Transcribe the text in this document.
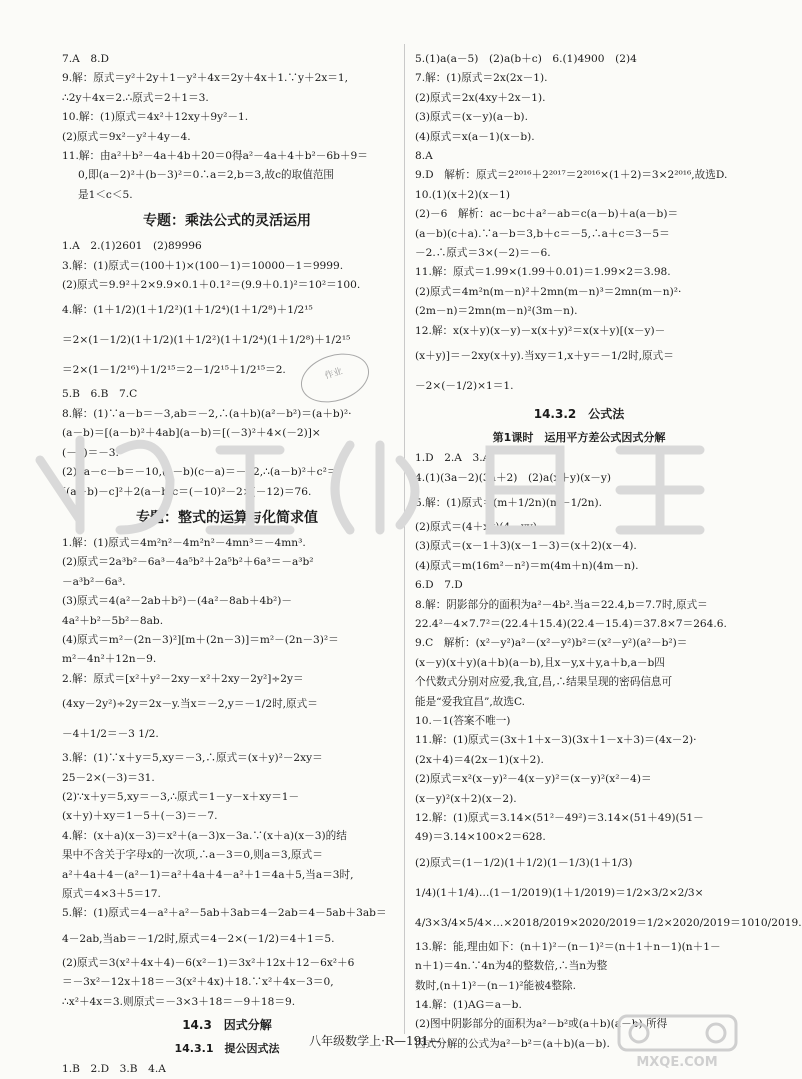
7.A　8.D
9.解：原式＝y²＋2y＋1－y²＋4x＝2y＋4x＋1.∵y＋2x＝1,
∴2y＋4x＝2.∴原式＝2＋1＝3.
10.解：(1)原式＝4x²＋12xy＋9y²－1.
(2)原式＝9x²－y²＋4y－4.
11.解：由a²＋b²－4a＋4b＋20＝0得a²－4a＋4＋b²－6b＋9＝
0,即(a－2)²＋(b－3)²＝0∴a＝2,b＝3,故c的取值范围
是1＜c＜5.
专题：乘法公式的灵活运用
1.A　2.(1)2601　(2)89996
3.解：(1)原式＝(100＋1)×(100－1)＝10000－1＝9999.
(2)原式＝9.9²＋2×9.9×0.1＋0.1²＝(9.9＋0.1)²＝10²＝100.
4.解：(1＋1/2)(1＋1/2²)(1＋1/2⁴)(1＋1/2⁸)＋1/2¹⁵
＝2×(1－1/2)(1＋1/2)(1＋1/2²)(1＋1/2⁴)(1＋1/2⁸)＋1/2¹⁵
＝2×(1－1/2¹⁶)＋1/2¹⁵＝2－1/2¹⁵＋1/2¹⁵＝2.
5.B　6.B　7.C
8.解：(1)∵a－b＝－3,ab＝－2,∴(a＋b)(a²－b²)＝(a＋b)²·
(a－b)＝[(a－b)²＋4ab](a－b)＝[(－3)²＋4×(－2)]×
(－3)＝－3.
(2)∵a－c－b＝－10,(a－b)(c－a)＝－12,∴(a－b)²＋c²＝
[(a－b)－c]²＋2(a－b)c＝(－10)²－2×(－12)＝76.
专题：整式的运算与化简求值
1.解：(1)原式＝4m²n²－4m²n²－4mn³＝－4mn³.
(2)原式＝2a³b²－6a³－4a⁵b²＋2a⁵b²＋6a³＝－a³b²
－a³b²－6a³.
(3)原式＝4(a²－2ab＋b²)－(4a²－8ab＋4b²)－
4a²＋b²－5b²－8ab.
(4)原式＝m²－(2n－3)²][m＋(2n－3)]＝m²－(2n－3)²＝
m²－4n²＋12n－9.
2.解：原式＝[x²＋y²－2xy－x²＋2xy－2y²]÷2y＝
(4xy－2y²)÷2y＝2x－y.当x＝－2,y＝－1/2时,原式＝
－4＋1/2＝－3 1/2.
3.解：(1)∵x＋y＝5,xy＝－3,∴原式＝(x＋y)²－2xy＝
25－2×(－3)＝31.
(2)∵x＋y＝5,xy＝－3,∴原式＝1－y－x＋xy＝1－
(x＋y)＋xy＝1－5＋(－3)＝－7.
4.解：(x＋a)(x－3)＝x²＋(a－3)x－3a.∵(x＋a)(x－3)的结
果中不含关于字母x的一次项,∴a－3＝0,则a＝3,原式＝
a²＋4a＋4－(a²－1)＝a²＋4a＋4－a²＋1＝4a＋5,当a＝3时,
原式＝4×3＋5＝17.
5.解：(1)原式＝4－a²＋a²－5ab＋3ab＝4－2ab＝4－5ab＋3ab＝
4－2ab,当ab＝－1/2时,原式＝4－2×(－1/2)＝4＋1＝5.
(2)原式＝3(x²＋4x＋4)－6(x²－1)＝3x²＋12x＋12－6x²＋6
＝－3x²－12x＋18＝－3(x²＋4x)＋18.∵x²＋4x－3＝0,
∴x²＋4x＝3.则原式＝－3×3＋18＝－9＋18＝9.
14.3　因式分解
14.3.1　提公因式法
1.B　2.D　3.B　4.A
5.(1)a(a－5)　(2)a(b＋c)　6.(1)4900　(2)4
7.解：(1)原式＝2x(2x－1).
(2)原式＝2x(4xy＋2x－1).
(3)原式＝(x－y)(a－b).
(4)原式＝x(a－1)(x－b).
8.A
9.D　解析：原式＝2²⁰¹⁶＋2²⁰¹⁷＝2²⁰¹⁶×(1＋2)＝3×2²⁰¹⁶,故选D.
10.(1)(x＋2)(x－1)
(2)－6　解析：ac－bc＋a²－ab＝c(a－b)＋a(a－b)＝
(a－b)(c＋a).∵a－b＝3,b＋c＝－5,∴a＋c＝3－5＝
－2.∴原式＝3×(－2)＝－6.
11.解：原式＝1.99×(1.99＋0.01)＝1.99×2＝3.98.
(2)原式＝4m²n(m－n)²＋2mn(m－n)³＝2mn(m－n)²·
(2m－n)＝2mn(m－n)²(3m－n).
12.解：x(x＋y)(x－y)－x(x＋y)²＝x(x＋y)[(x－y)－
(x＋y)]＝－2xy(x＋y).当xy＝1,x＋y＝－1/2时,原式＝
－2×(－1/2)×1＝1.
14.3.2　公式法
第1课时　运用平方差公式因式分解
1.D　2.A　3.A
4.(1)(3a－2)(3a＋2)　(2)a(x＋y)(x－y)
5.解：(1)原式＝(m＋1/2n)(m－1/2n).
(2)原式＝(4＋xy)(4－xy).
(3)原式＝(x－1＋3)(x－1－3)＝(x＋2)(x－4).
(4)原式＝m(16m²－n²)＝m(4m＋n)(4m－n).
6.D　7.D
8.解：阴影部分的面积为a²－4b².当a＝22.4,b＝7.7时,原式＝
22.4²－4×7.7²＝(22.4＋15.4)(22.4－15.4)＝37.8×7＝264.6.
9.C　解析：(x²－y²)a²－(x²－y²)b²＝(x²－y²)(a²－b²)＝
(x－y)(x＋y)(a＋b)(a－b),且x－y,x＋y,a＋b,a－b四
个代数式分别对应爱,我,宜,昌,∴结果呈现的密码信息可
能是“爱我宜昌”,故选C.
10.－1(答案不唯一)
11.解：(1)原式＝(3x＋1＋x－3)(3x＋1－x＋3)＝(4x－2)·
(2x＋4)＝4(2x－1)(x＋2).
(2)原式＝x²(x－y)²－4(x－y)²＝(x－y)²(x²－4)＝
(x－y)²(x＋2)(x－2).
12.解：(1)原式＝3.14×(51²－49²)＝3.14×(51＋49)(51－
49)＝3.14×100×2＝628.
(2)原式＝(1－1/2)(1＋1/2)(1－1/3)(1＋1/3)
1/4)(1＋1/4)…(1－1/2019)(1＋1/2019)＝1/2×3/2×2/3×
4/3×3/4×5/4×…×2018/2019×2020/2019＝1/2×2020/2019＝1010/2019.
13.解：能,理由如下：(n＋1)²－(n－1)²＝(n＋1＋n－1)(n＋1－
n＋1)＝4n.∵4n为4的整数倍,∴当n为整
数时,(n＋1)²－(n－1)²能被4整除.
14.解：(1)AG＝a－b.
(2)图中阴影部分的面积为a²－b²或(a＋b)(a－b).所得
因式分解的公式为a²－b²＝(a＋b)(a－b).
作业
八年级数学上·R—191—
MXQE.COM
